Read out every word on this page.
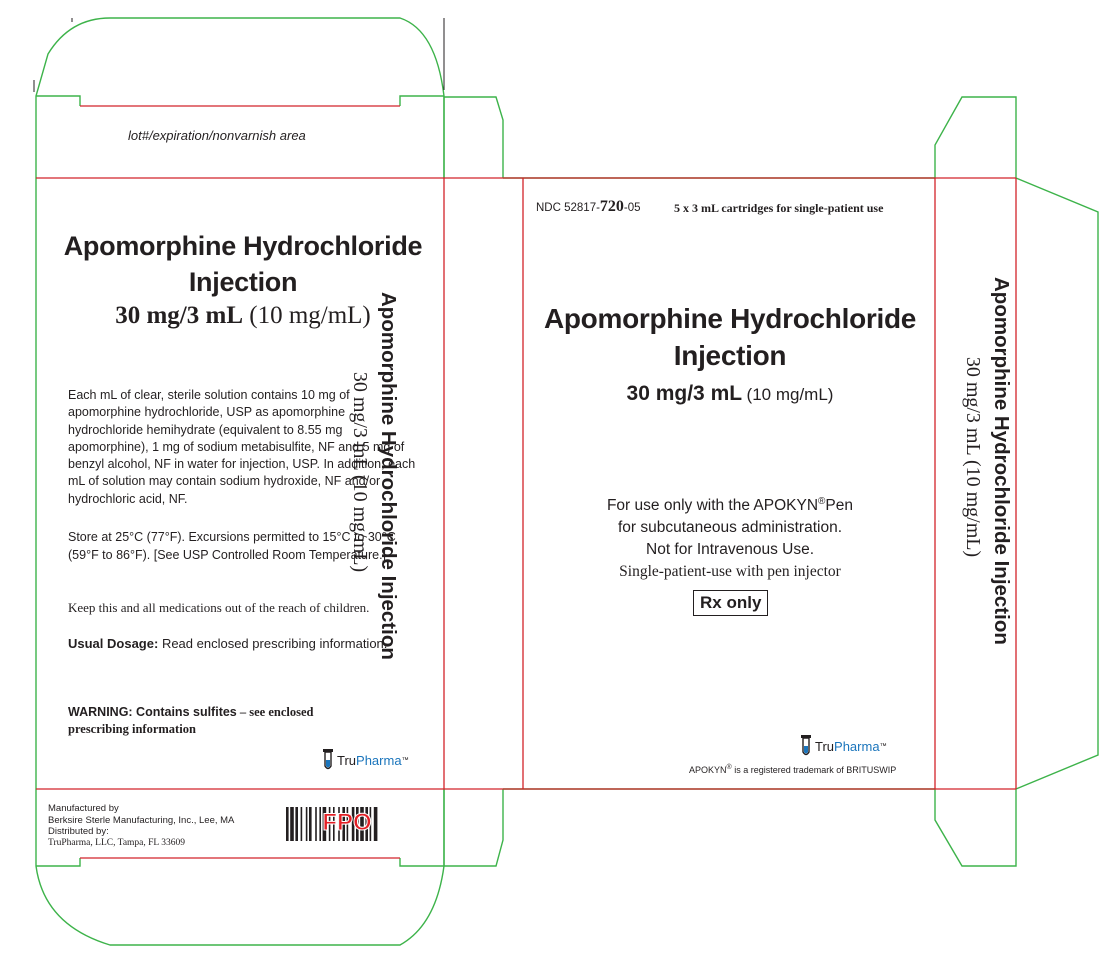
lot#/expiration/nonvarnish area
Apomorphine Hydrochloride
Injection
30 mg/3 mL (10 mg/mL)
Each mL of clear, sterile solution contains 10 mg of apomorphine hydrochloride, USP as apomorphine hydrochloride hemihydrate (equivalent to 8.55 mg apomorphine), 1 mg of sodium metabisulfite, NF and 5 mg of benzyl alcohol, NF in water for injection, USP. In addition, each mL of solution may contain sodium hydroxide, NF and/or hydrochloric acid, NF.
Store at 25°C (77°F). Excursions permitted to 15°C to 30°C (59°F to 86°F). [See USP Controlled Room Temperature.]
Keep this and all medications out of the reach of children.
Usual Dosage: Read enclosed prescribing information.
WARNING: Contains sulfites – see enclosed prescribing information
Tru Pharma ™
Apomorphine Hydrochloride Injection
30 mg/3 mL (10 mg/mL)
NDC 52817-720-05	5 x 3 mL cartridges for single-patient use
Apomorphine Hydrochloride
Injection
30 mg/3 mL (10 mg/mL)
For use only with the APOKYN®Pen
for subcutaneous administration.
Not for Intravenous Use.
Single-patient-use with pen injector
Rx only
Tru Pharma ™
APOKYN® is a registered trademark of BRITUSWIP
Apomorphine Hydrochloride Injection
30 mg/3 mL (10 mg/mL)
Manufactured by
Berksire Sterle Manufacturing, Inc., Lee, MA
Distributed by:
TruPharma, LLC, Tampa, FL 33609
FPO
